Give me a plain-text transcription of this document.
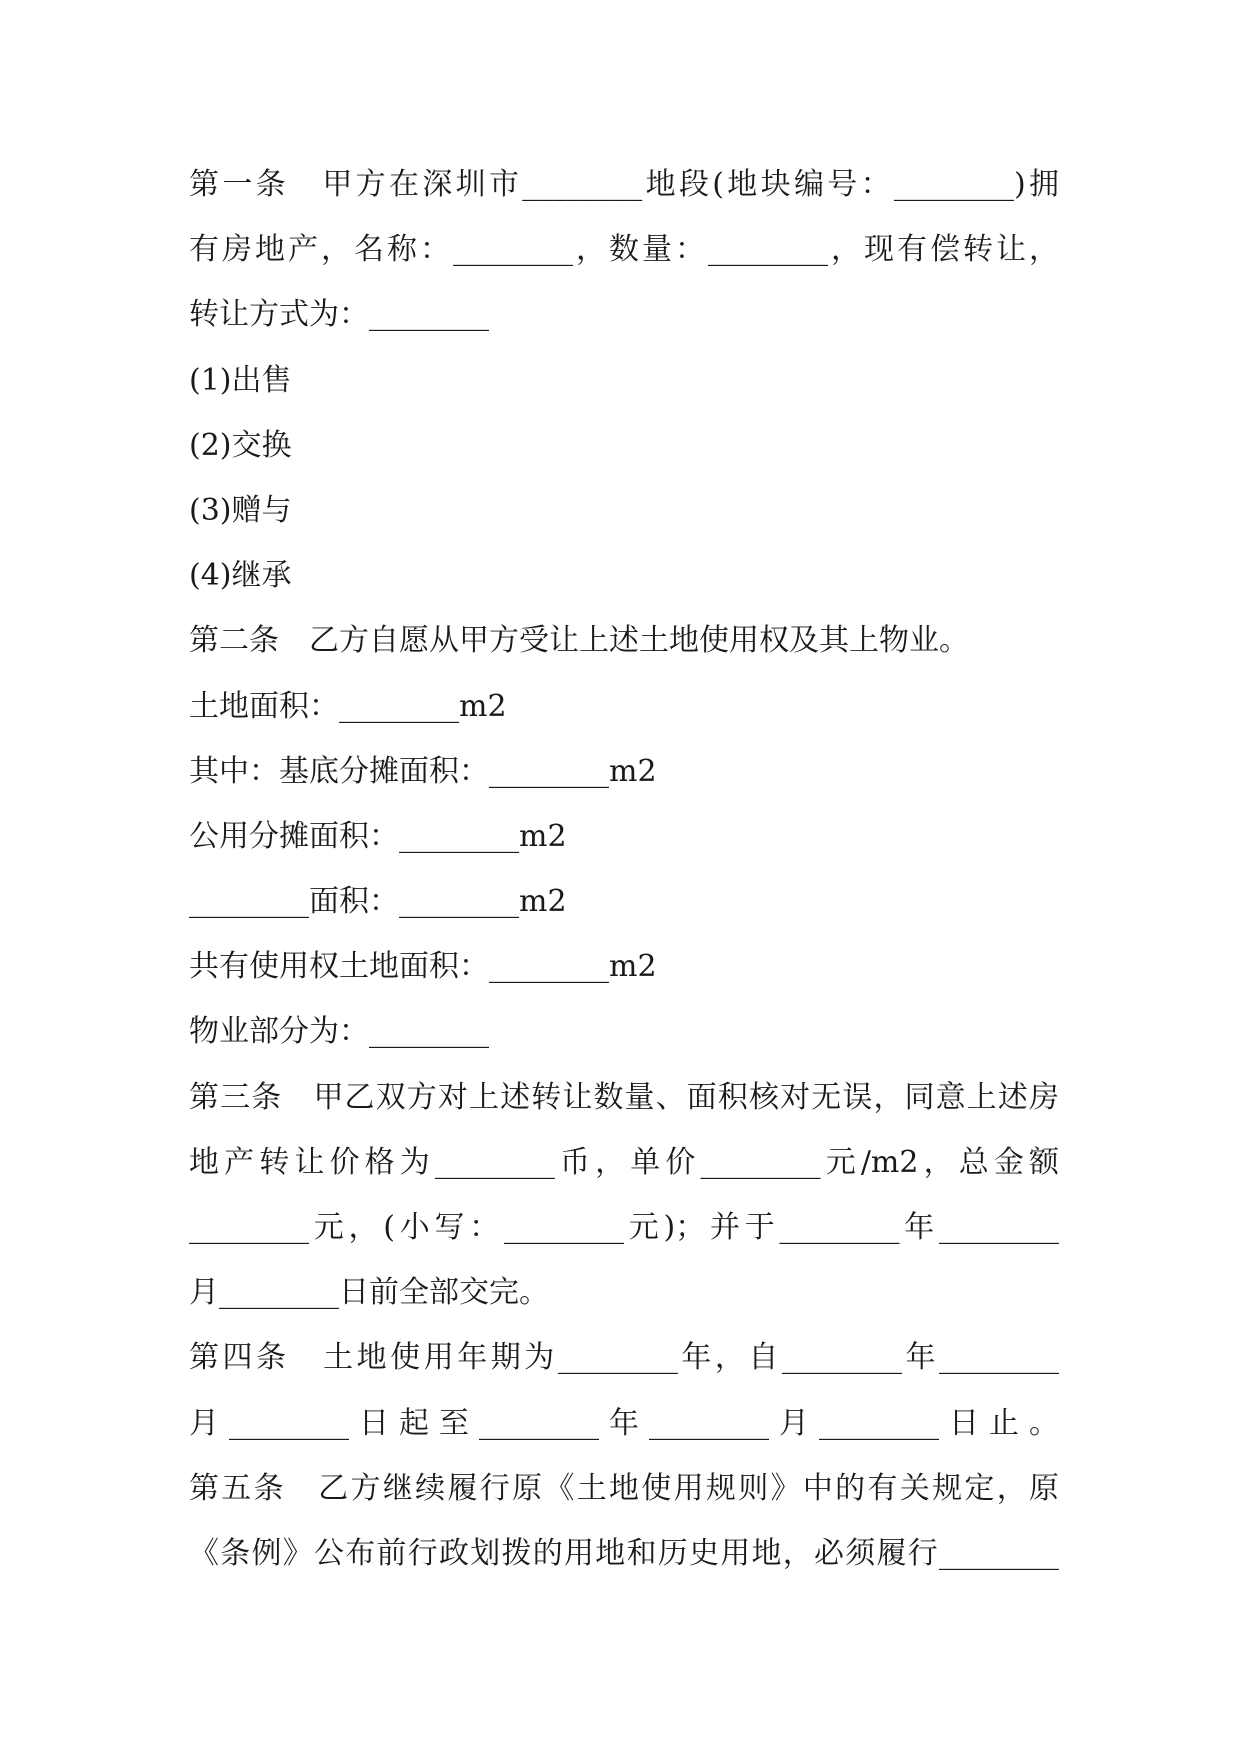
第一条　甲方在深圳市________地段(地块编号：________)拥
有房地产，名称：________，数量：________，现有偿转让，
转让方式为：________
(1)出售
(2)交换
(3)赠与
(4)继承
第二条　乙方自愿从甲方受让上述土地使用权及其上物业。
土地面积：________m2
其中：基底分摊面积：________m2
公用分摊面积：________m2
________面积：________m2
共有使用权土地面积：________m2
物业部分为：________
第三条　甲乙双方对上述转让数量、面积核对无误，同意上述房
地产转让价格为________币，单价________元/m2，总金额
________元，(小写：________元)；并于________年________
月________日前全部交完。
第四条　土地使用年期为________年，自________年________
月________日起至________年________月________日止。
第五条　乙方继续履行原《土地使用规则》中的有关规定，原
《条例》公布前行政划拨的用地和历史用地，必须履行________
